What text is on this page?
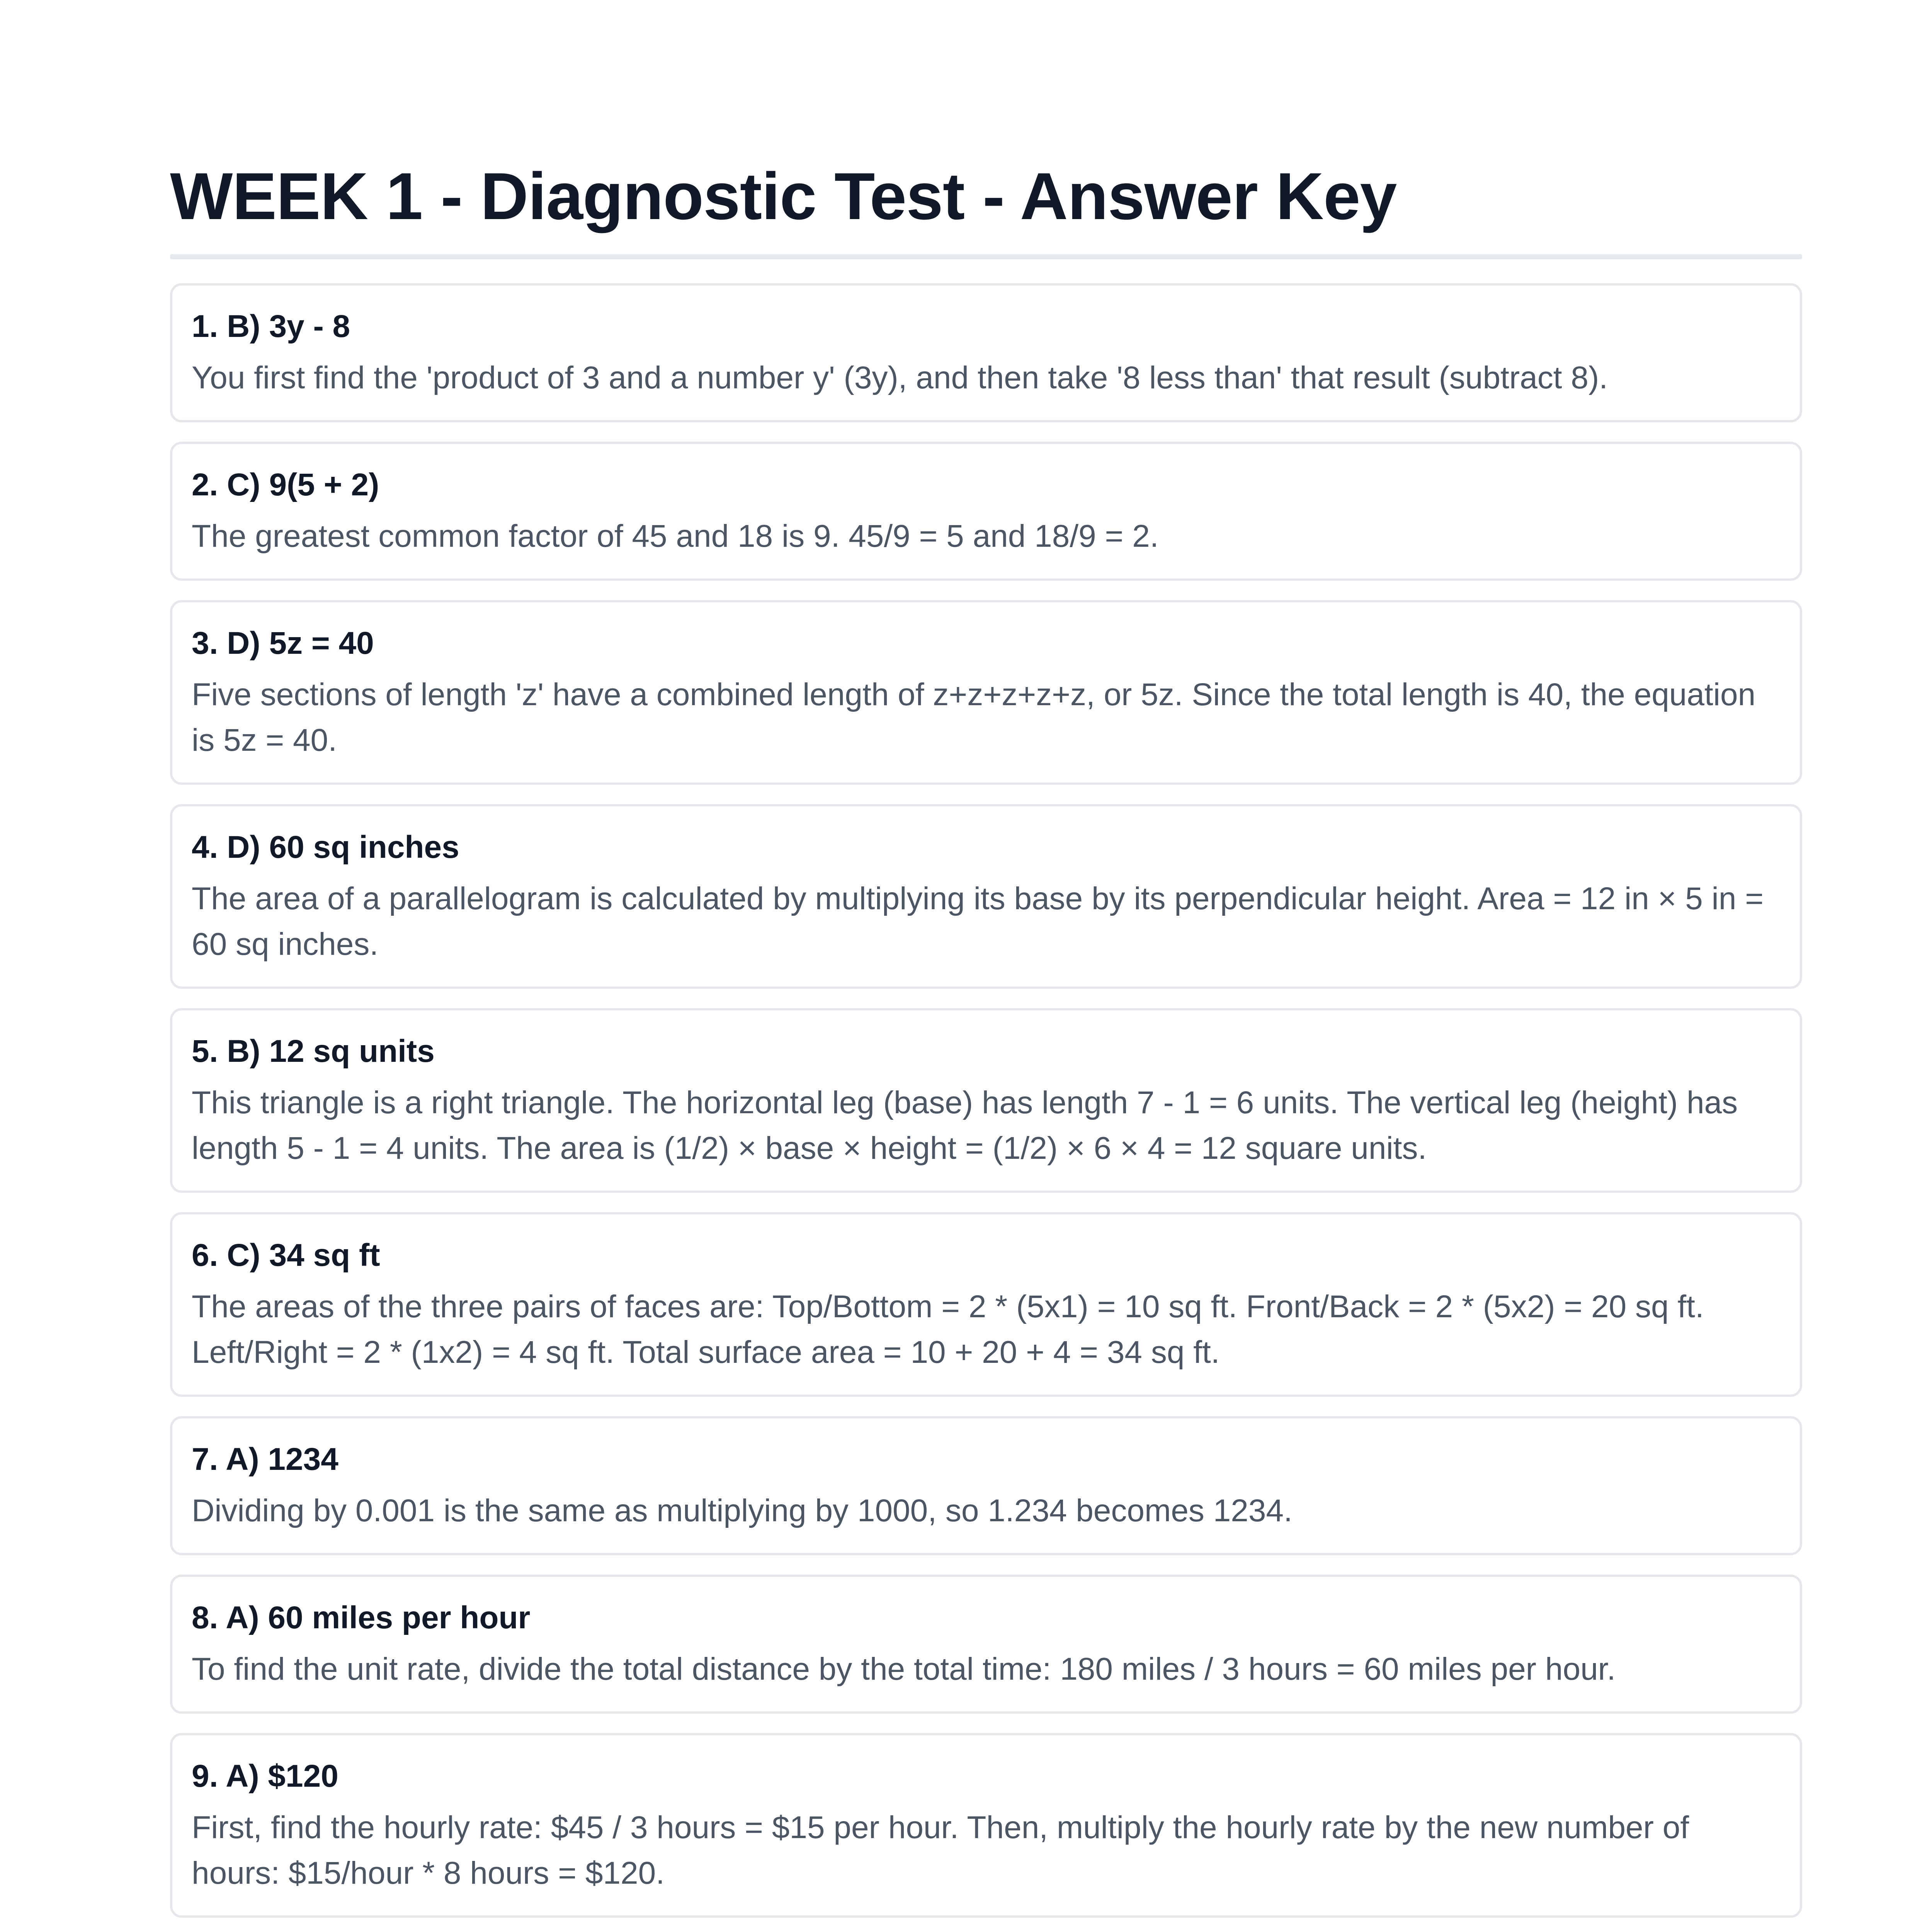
WEEK 1 - Diagnostic Test - Answer Key

1. B) 3y - 8

You first find the 'product of 3 and a number y' (3y), and then take '8 less than' that result (subtract 8).

2. C) 9(5 + 2)

The greatest common factor of 45 and 18 is 9. 45/9 = 5 and 18/9 = 2.

3. D) 5z = 40

Five sections of length 'z' have a combined length of z+z+z+z+z, or 5z. Since the total length is 40, the equation is 5z = 40.

4. D) 60 sq inches

The area of a parallelogram is calculated by multiplying its base by its perpendicular height. Area = 12 in × 5 in = 60 sq inches.

5. B) 12 sq units

This triangle is a right triangle. The horizontal leg (base) has length 7 - 1 = 6 units. The vertical leg (height) has length 5 - 1 = 4 units. The area is (1/2) × base × height = (1/2) × 6 × 4 = 12 square units.

6. C) 34 sq ft

The areas of the three pairs of faces are: Top/Bottom = 2 * (5x1) = 10 sq ft. Front/Back = 2 * (5x2) = 20 sq ft. Left/Right = 2 * (1x2) = 4 sq ft. Total surface area = 10 + 20 + 4 = 34 sq ft.

7. A) 1234

Dividing by 0.001 is the same as multiplying by 1000, so 1.234 becomes 1234.

8. A) 60 miles per hour

To find the unit rate, divide the total distance by the total time: 180 miles / 3 hours = 60 miles per hour.

9. A) $120

First, find the hourly rate: $45 / 3 hours = $15 per hour. Then, multiply the hourly rate by the new number of hours: $15/hour * 8 hours = $120.
